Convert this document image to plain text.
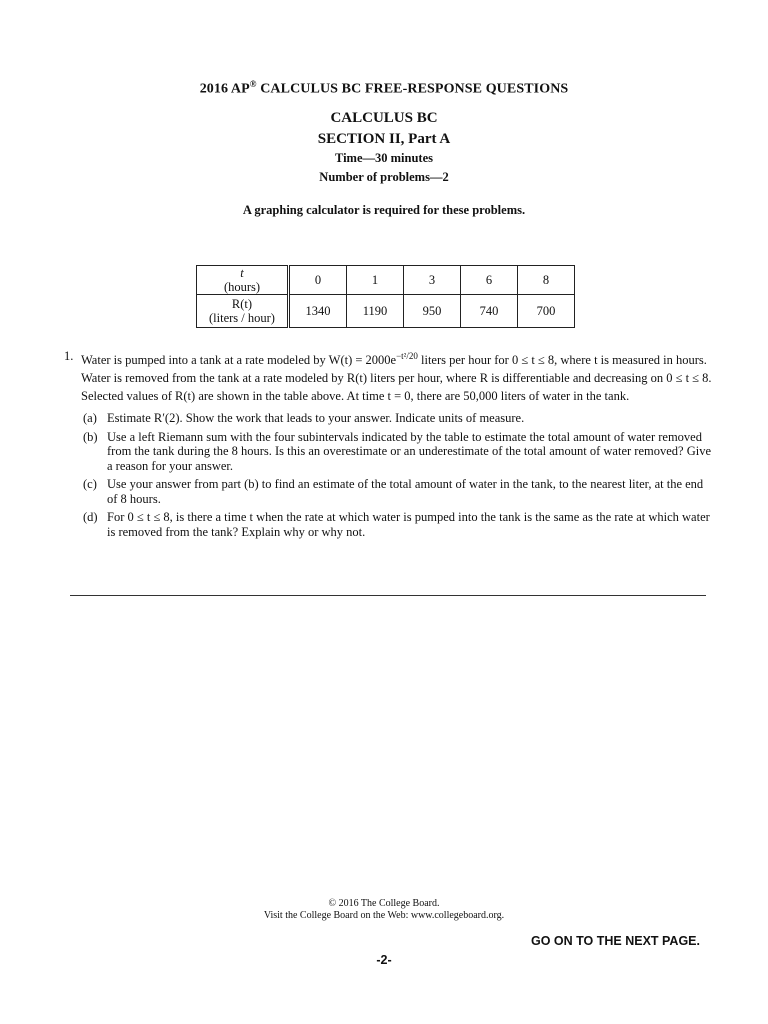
2016 AP® CALCULUS BC FREE-RESPONSE QUESTIONS
CALCULUS BC
SECTION II, Part A
Time—30 minutes
Number of problems—2
A graphing calculator is required for these problems.
t
(hours)	0	1	3	6	8
R(t)
(liters / hour)	1340	1190	950	740	700
1. Water is pumped into a tank at a rate modeled by $W(t) = 2000e^{-t^2/20}$ liters per hour for 0 ≤ t ≤ 8, where t is measured in hours. Water is removed from the tank at a rate modeled by R(t) liters per hour, where R is differentiable and decreasing on 0 ≤ t ≤ 8. Selected values of R(t) are shown in the table above. At time t = 0, there are 50,000 liters of water in the tank.
(a) Estimate R′(2). Show the work that leads to your answer. Indicate units of measure.
(b) Use a left Riemann sum with the four subintervals indicated by the table to estimate the total amount of water removed from the tank during the 8 hours. Is this an overestimate or an underestimate of the total amount of water removed? Give a reason for your answer.
(c) Use your answer from part (b) to find an estimate of the total amount of water in the tank, to the nearest liter, at the end of 8 hours.
(d) For 0 ≤ t ≤ 8, is there a time t when the rate at which water is pumped into the tank is the same as the rate at which water is removed from the tank? Explain why or why not.
© 2016 The College Board.
Visit the College Board on the Web: www.collegeboard.org.
GO ON TO THE NEXT PAGE.
-2-
